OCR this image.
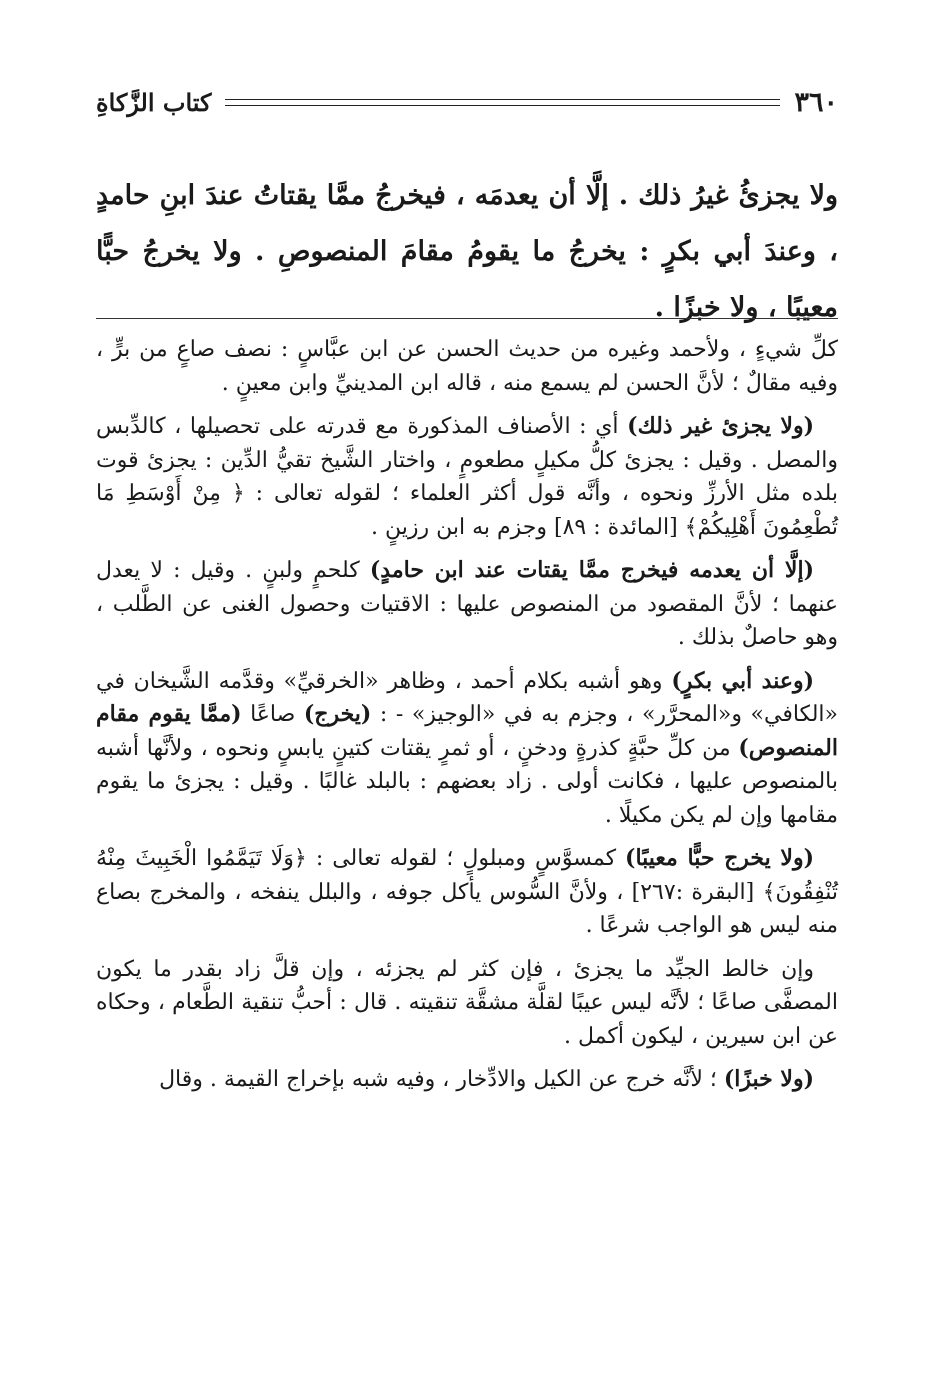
٣٦٠
كتاب الزَّكاةِ

ولا يجزئُ غيرُ ذلك . إلَّا أن يعدمَه ، فيخرجُ ممَّا يقتاتُ عندَ ابنِ حامدٍ ، وعندَ أبي بكرٍ : يخرجُ ما يقومُ مقامَ المنصوصِ . ولا يخرجُ حبًّا معيبًا ، ولا خبزًا .

كلِّ شيءٍ ، ولأحمد وغيره من حديث الحسن عن ابن عبَّاسٍ : نصف صاعٍ من برٍّ ، وفيه مقالٌ ؛ لأنَّ الحسن لم يسمع منه ، قاله ابن المدينيِّ وابن معينٍ .

(ولا يجزئ غير ذلك) أي : الأصناف المذكورة مع قدرته على تحصيلها ، كالدِّبس والمصل . وقيل : يجزئ كلُّ مكيلٍ مطعومٍ ، واختار الشَّيخ تقيُّ الدِّين : يجزئ قوت بلده مثل الأرزِّ ونحوه ، وأنَّه قول أكثر العلماء ؛ لقوله تعالى : ﴿ مِنْ أَوْسَطِ مَا تُطْعِمُونَ أَهْلِيكُمْ﴾ [المائدة : ٨٩] وجزم به ابن رزينٍ .

(إلَّا أن يعدمه فيخرج ممَّا يقتات عند ابن حامدٍ) كلحمٍ ولبنٍ . وقيل : لا يعدل عنهما ؛ لأنَّ المقصود من المنصوص عليها : الاقتيات وحصول الغنى عن الطَّلب ، وهو حاصلٌ بذلك .

(وعند أبي بكرٍ) وهو أشبه بكلام أحمد ، وظاهر «الخرقيِّ» وقدَّمه الشَّيخان في «الكافي» و«المحرَّر» ، وجزم به في «الوجيز» - : (يخرج) صاعًا (ممَّا يقوم مقام المنصوص) من كلِّ حبَّةٍ كذرةٍ ودخنٍ ، أو ثمرٍ يقتات كتينٍ يابسٍ ونحوه ، ولأنَّها أشبه بالمنصوص عليها ، فكانت أولى . زاد بعضهم : بالبلد غالبًا . وقيل : يجزئ ما يقوم مقامها وإن لم يكن مكيلًا .

(ولا يخرج حبًّا معيبًا) كمسوَّسٍ ومبلولٍ ؛ لقوله تعالى : ﴿وَلَا تَيَمَّمُوا الْخَبِيثَ مِنْهُ تُنْفِقُونَ﴾ [البقرة :٢٦٧] ، ولأنَّ السُّوس يأكل جوفه ، والبلل ينفخه ، والمخرج بصاع منه ليس هو الواجب شرعًا .

وإن خالط الجيِّد ما يجزئ ، فإن كثر لم يجزئه ، وإن قلَّ زاد بقدر ما يكون المصفَّى صاعًا ؛ لأنَّه ليس عيبًا لقلَّة مشقَّة تنقيته . قال : أحبُّ تنقية الطَّعام ، وحكاه عن ابن سيرين ، ليكون أكمل .

(ولا خبزًا) ؛ لأنَّه خرج عن الكيل والادِّخار ، وفيه شبه بإخراج القيمة . وقال
